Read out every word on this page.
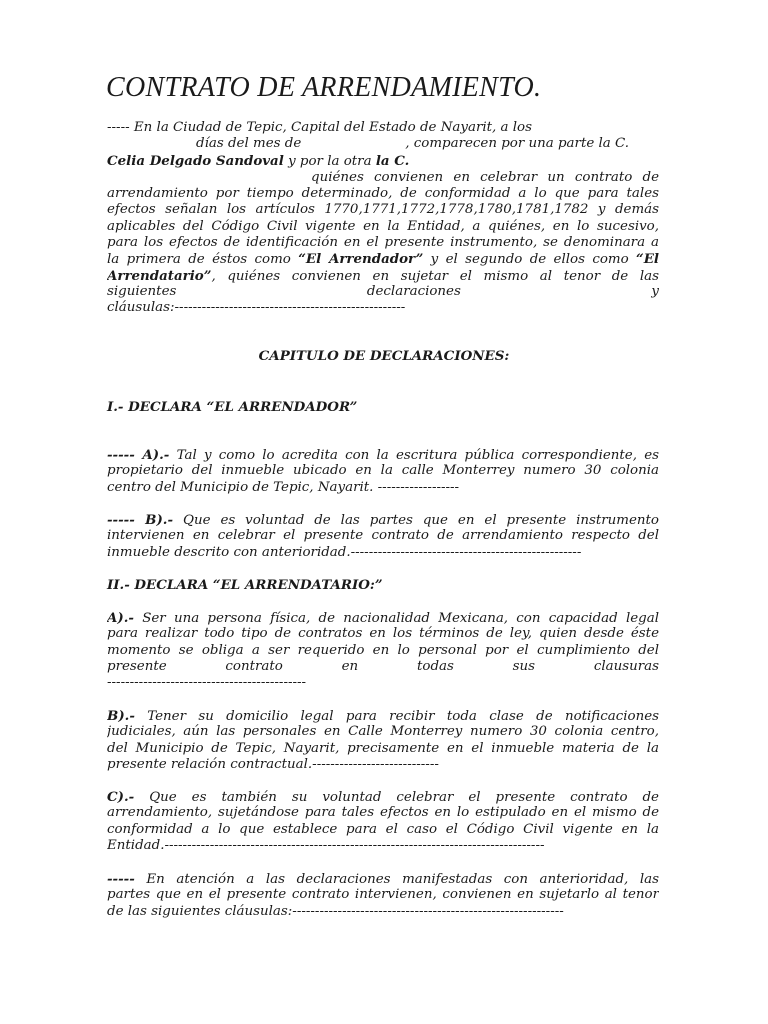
CONTRATO DE ARRENDAMIENTO.
----- En la Ciudad de Tepic, Capital del Estado de Nayarit, a los
días del mes de	, comparecen por una parte la C.
Celia Delgado Sandoval y por la otra la C.
quiénes convienen en celebrar un contrato de
arrendamiento por tiempo determinado, de conformidad a lo que para tales
efectos señalan los artículos 1770,1771,1772,1778,1780,1781,1782 y demás
aplicables del Código Civil vigente en la Entidad, a quiénes, en lo sucesivo,
para los efectos de identificación en el presente instrumento, se denominara a
la primera de éstos como “El Arrendador” y el segundo de ellos como “El
Arrendatario”, quiénes convienen en sujetar el mismo al tenor de las
siguientes declaraciones y
cláusulas:---------------------------------------------------
CAPITULO DE DECLARACIONES:
I.- DECLARA “EL ARRENDADOR”
----- A).- Tal y como lo acredita con la escritura pública correspondiente, es
propietario del inmueble ubicado en la calle Monterrey numero 30 colonia
centro del Municipio de Tepic, Nayarit. ------------------
----- B).- Que es voluntad de las partes que en el presente instrumento
intervienen en celebrar el presente contrato de arrendamiento respecto del
inmueble descrito con anterioridad.---------------------------------------------------
II.- DECLARA “EL ARRENDATARIO:”
A).- Ser una persona física, de nacionalidad Mexicana, con capacidad legal
para realizar todo tipo de contratos en los términos de ley, quien desde éste
momento se obliga a ser requerido en lo personal por el cumplimiento del
presente contrato en todas sus clausuras
--------------------------------------------
B).- Tener su domicilio legal para recibir toda clase de notificaciones
judiciales, aún las personales en Calle Monterrey numero 30 colonia centro,
del Municipio de Tepic, Nayarit, precisamente en el inmueble materia de la
presente relación contractual.----------------------------
C).- Que es también su voluntad celebrar el presente contrato de
arrendamiento, sujetándose para tales efectos en lo estipulado en el mismo de
conformidad a lo que establece para el caso el Código Civil vigente en la
Entidad.------------------------------------------------------------------------------------
----- En atención a las declaraciones manifestadas con anterioridad, las
partes que en el presente contrato intervienen, convienen en sujetarlo al tenor
de las siguientes cláusulas:------------------------------------------------------------
